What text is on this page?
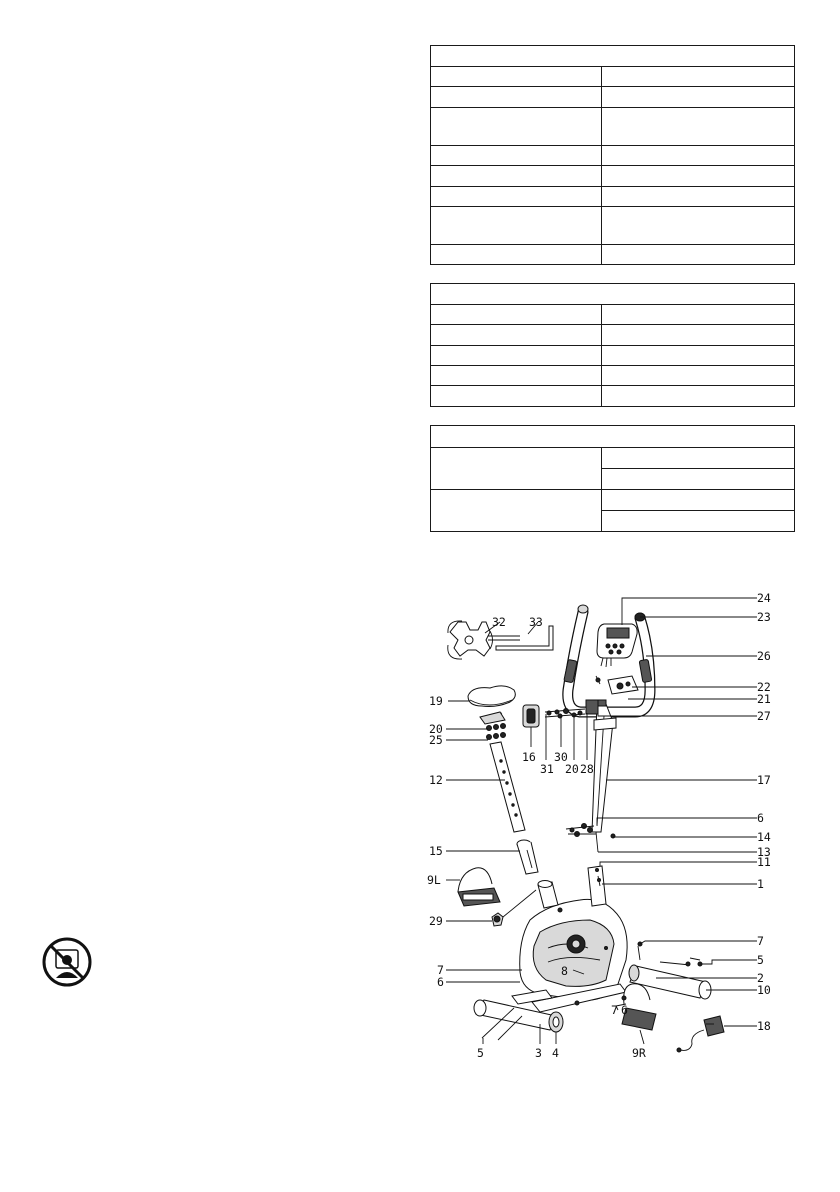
24
23
26
22
21
27
17
6
14
13
11
1
7
5
2
10
18
19
20
25
12
15
9L
29
7
6
32 33
16
31
30
20 28
8
7 6
5	3 4	9R
